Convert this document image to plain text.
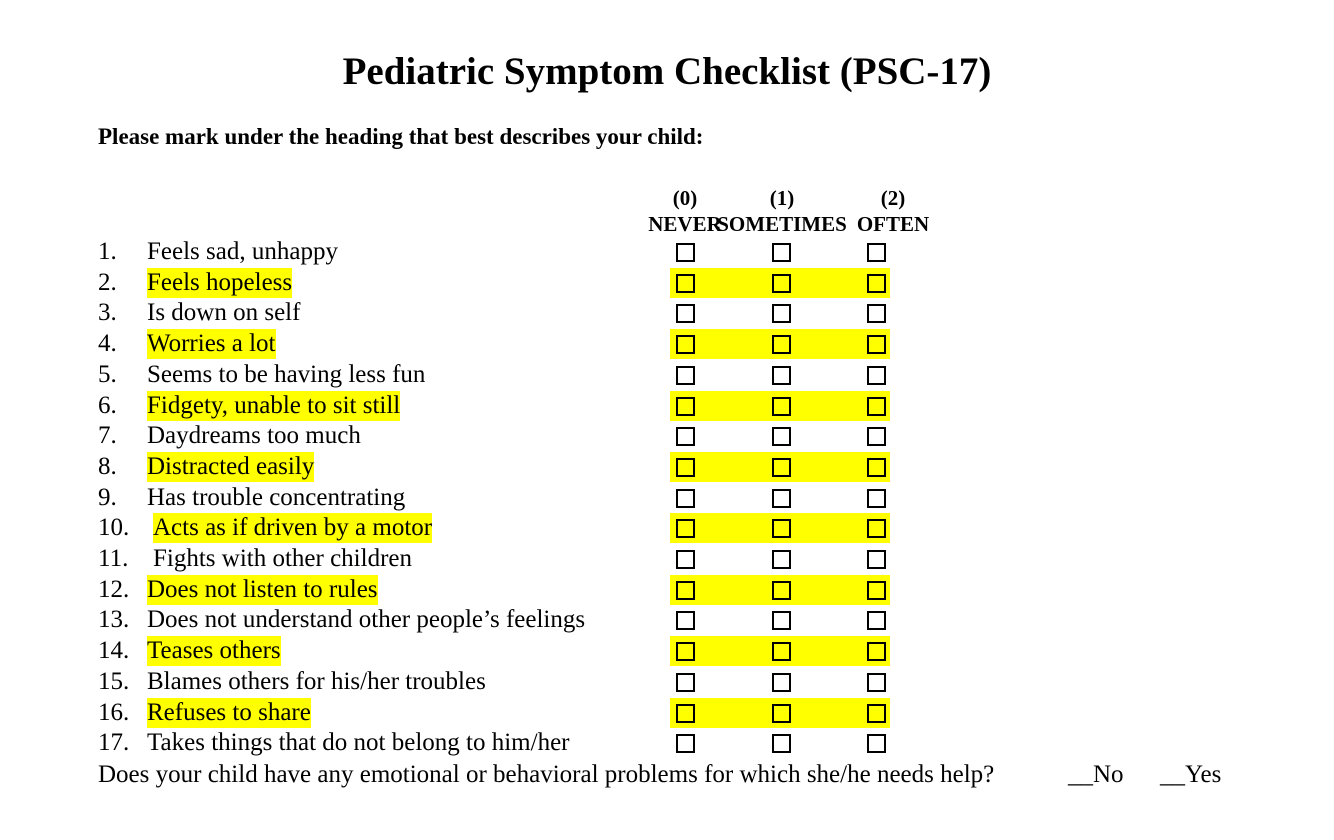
Pediatric Symptom Checklist (PSC-17)
Please mark under the heading that best describes your child:
(0)
NEVER
(1)
SOMETIMES
(2)
OFTEN
1. Feels sad, unhappy
2. Feels hopeless
3. Is down on self
4. Worries a lot
5. Seems to be having less fun
6. Fidgety, unable to sit still
7. Daydreams too much
8. Distracted easily
9. Has trouble concentrating
10. Acts as if driven by a motor
11. Fights with other children
12. Does not listen to rules
13. Does not understand other people’s feelings
14. Teases others
15. Blames others for his/her troubles
16. Refuses to share
17. Takes things that do not belong to him/her
Does your child have any emotional or behavioral problems for which she/he needs help?	__No __Yes
